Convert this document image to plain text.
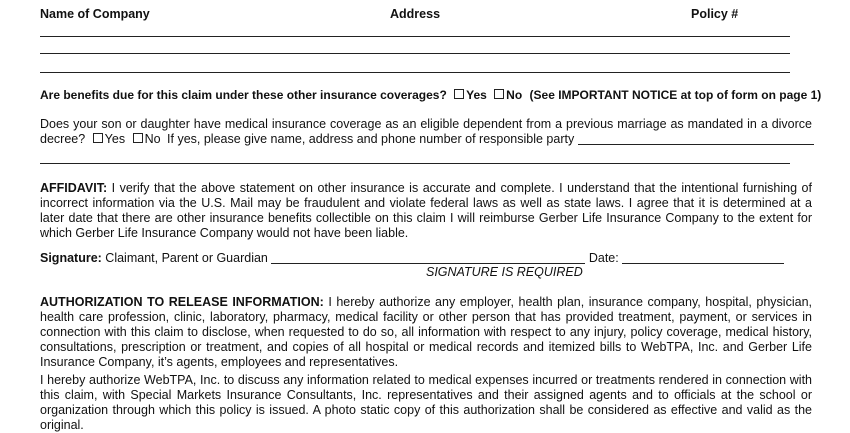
Name of Company	Address	Policy #
Are benefits due for this claim under these other insurance coverages? Yes No (See IMPORTANT NOTICE at top of form on page 1)
Does your son or daughter have medical insurance coverage as an eligible dependent from a previous marriage as mandated in a divorce
decree? Yes No If yes, please give name, address and phone number of responsible party
AFFIDAVIT: I verify that the above statement on other insurance is accurate and complete. I understand that the intentional furnishing of
incorrect information via the U.S. Mail may be fraudulent and violate federal laws as well as state laws. I agree that it is determined at a
later date that there are other insurance benefits collectible on this claim I will reimburse Gerber Life Insurance Company to the extent for
which Gerber Life Insurance Company would not have been liable.
Signature: Claimant, Parent or Guardian	Date:
SIGNATURE IS REQUIRED
AUTHORIZATION TO RELEASE INFORMATION: I hereby authorize any employer, health plan, insurance company, hospital, physician,
health care profession, clinic, laboratory, pharmacy, medical facility or other person that has provided treatment, payment, or services in
connection with this claim to disclose, when requested to do so, all information with respect to any injury, policy coverage, medical history,
consultations, prescription or treatment, and copies of all hospital or medical records and itemized bills to WebTPA, Inc. and Gerber Life
Insurance Company, it’s agents, employees and representatives.
I hereby authorize WebTPA, Inc. to discuss any information related to medical expenses incurred or treatments rendered in connection with
this claim, with Special Markets Insurance Consultants, Inc. representatives and their assigned agents and to officials at the school or
organization through which this policy is issued. A photo static copy of this authorization shall be considered as effective and valid as the
original.
